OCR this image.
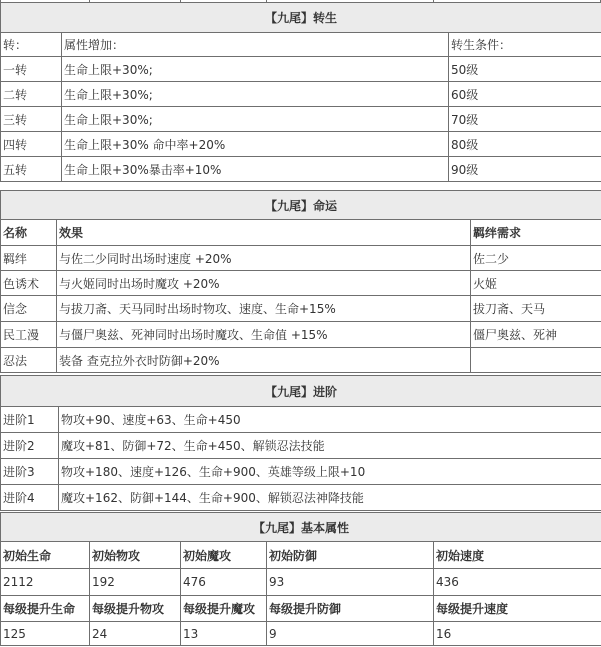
【九尾】转生		
转：	属性增加：	转生条件：
一转	生命上限+30%;	50级
二转	生命上限+30%;	60级
三转	生命上限+30%;	70级
四转	生命上限+30% 命中率+20%	80级
五转	生命上限+30%暴击率+10%	90级
【九尾】命运		
名称	效果	羁绊需求
羁绊	与佐二少同时出场时速度 +20%	佐二少
色诱术	与火姬同时出场时魔攻 +20%	火姬
信念	与拔刀斋、天马同时出场时物攻、速度、生命+15%	拔刀斋、天马
民工漫	与僵尸奥兹、死神同时出场时魔攻、生命值 +15%	僵尸奥兹、死神
忍法	装备 查克拉外衣时防御+20%	
【九尾】进阶	
进阶1	物攻+90、速度+63、生命+450
进阶2	魔攻+81、防御+72、生命+450、解锁忍法技能
进阶3	物攻+180、速度+126、生命+900、英雄等级上限+10
进阶4	魔攻+162、防御+144、生命+900、解锁忍法神降技能
【九尾】基本属性				
初始生命	初始物攻	初始魔攻	初始防御	初始速度
2112	192	476	93	436
每级提升生命	每级提升物攻	每级提升魔攻	每级提升防御	每级提升速度
125	24	13	9	16
